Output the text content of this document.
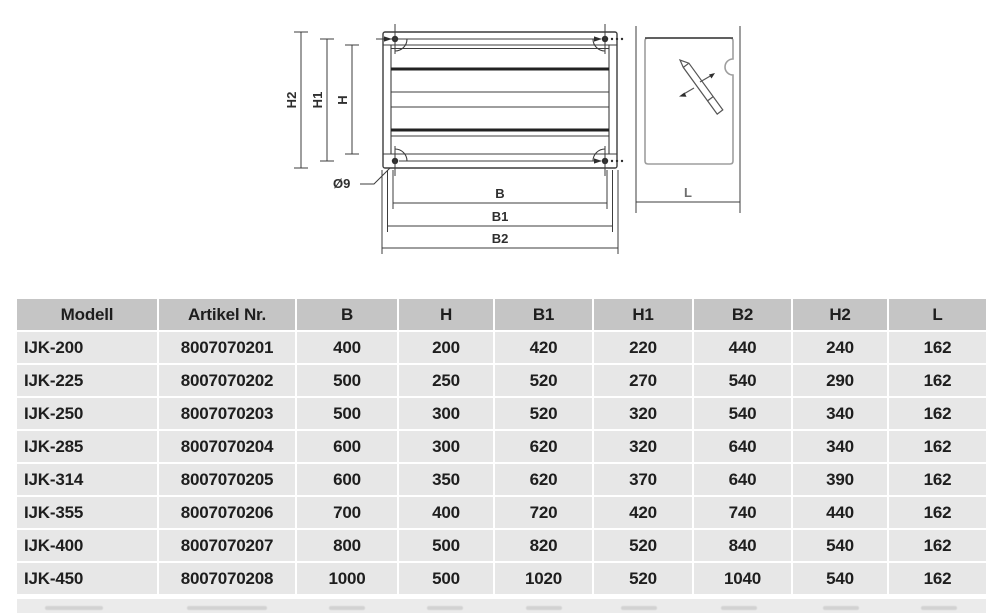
H2 H1 H
B
B1
B2
Ø9
L
Modell	Artikel Nr.	B	H	B1	H1	B2	H2	L
IJK-200	8007070201	400	200	420	220	440	240	162
IJK-225	8007070202	500	250	520	270	540	290	162
IJK-250	8007070203	500	300	520	320	540	340	162
IJK-285	8007070204	600	300	620	320	640	340	162
IJK-314	8007070205	600	350	620	370	640	390	162
IJK-355	8007070206	700	400	720	420	740	440	162
IJK-400	8007070207	800	500	820	520	840	540	162
IJK-450	8007070208	1000	500	1020	520	1040	540	162
